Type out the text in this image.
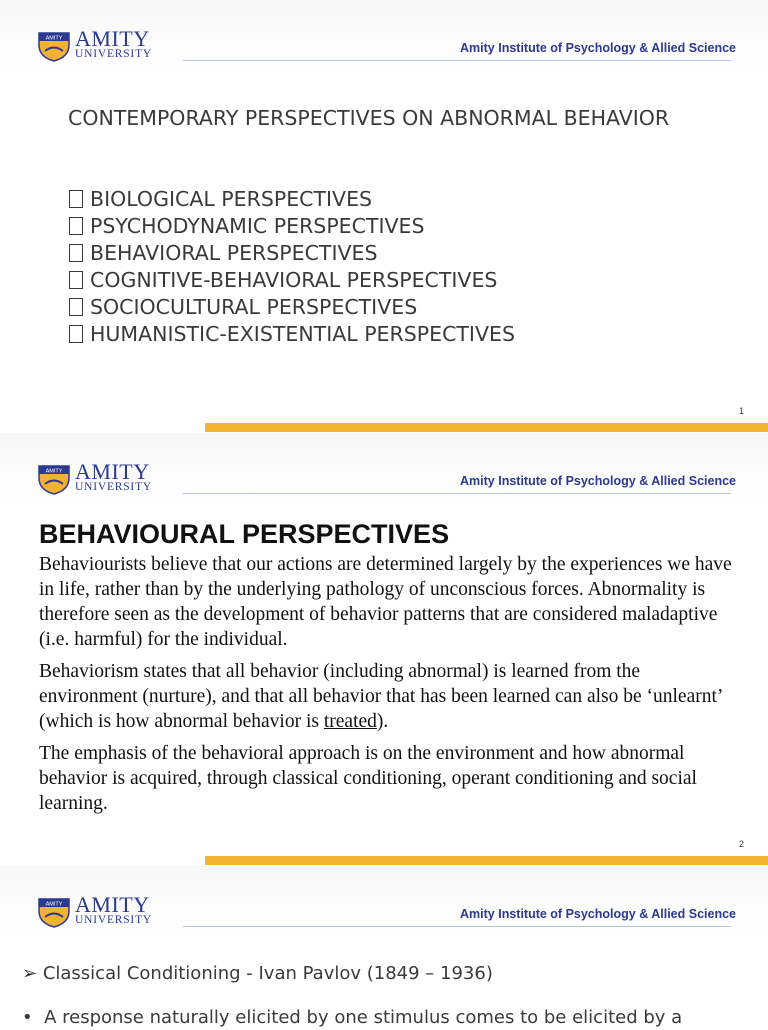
AMITY AMITY
UNIVERSITY	Amity Institute of Psychology & Allied Science
CONTEMPORARY PERSPECTIVES ON ABNORMAL BEHAVIOR
BIOLOGICAL PERSPECTIVES
PSYCHODYNAMIC PERSPECTIVES
BEHAVIORAL PERSPECTIVES
COGNITIVE-BEHAVIORAL PERSPECTIVES
SOCIOCULTURAL PERSPECTIVES
HUMANISTIC-EXISTENTIAL PERSPECTIVES
1
AMITY AMITY
UNIVERSITY	Amity Institute of Psychology & Allied Science
2
BEHAVIOURAL PERSPECTIVES

Behaviourists believe that our actions are determined largely by the experiences we have in life, rather than by the underlying pathology of unconscious forces. Abnormality is therefore seen as the development of behavior patterns that are considered maladaptive (i.e. harmful) for the individual.

Behaviorism states that all behavior (including abnormal) is learned from the environment (nurture), and that all behavior that has been learned can also be ‘unlearnt’ (which is how abnormal behavior is treated).

The emphasis of the behavioral approach is on the environment and how abnormal behavior is acquired, through classical conditioning, operant conditioning and social learning.

AMITY AMITY
UNIVERSITY	Amity Institute of Psychology & Allied Science
➢ Classical Conditioning - Ivan Pavlov (1849 – 1936)
• A response naturally elicited by one stimulus comes to be elicited by a
